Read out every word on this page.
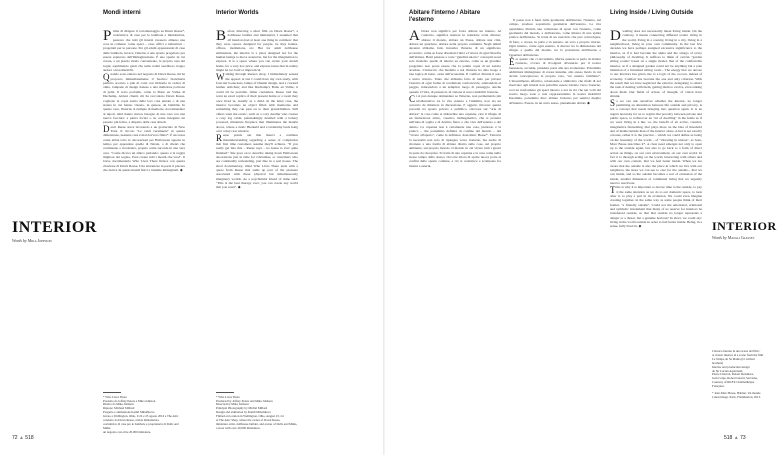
Mondi interni

Prima di dirigere il cortometraggio su Dawn Reese*, costruttrice di case per le bambole e miniaturista, pensavo che tutti gli interni avessero almeno una cosa in comune: come spazi – case, uffici o istituzioni – progettati per le persone. Per gli adulti appassionati di case delle bambole, invece, l'interno è uno spazio progettato per essere esplorato dall'immaginazione. È uno spazio in cui creare, a un prezzo molto conveniente, la propria casa dei sogni, esprimendo gusti che nella realtà sarebbero troppo audaci o irrealizzabili.

Quando sono entrato nel negozio di Dawn Reese, mi ha proposto immediatamente il fascino: biancheria perfetta accanto a pile di carte con libbrerie in radica di olmo, lampade di design danese e una maliziosa poltrona di pelle. Il retro portatile, come la Botte en Valise di Duchamp. Alcuni clienti, mi ha raccontato Dawn Reese, vogliono la copia esatta della loro casa attuale o di una stanza in cui hanno vissuto, in genere, da bambini. In questo caso, l'interno si riempie di memorie, da tramandare ai nipoti. Altri hanno invece bisogno di una casa con una nuova facciata: a pietra focaia o su come inseguire un passato più felice, a dispetto delle case attuali.

Dawn Reese stava lavorando a un grattacielo di New York. Il circolo "Le venti veramente" in questa dimensione, nessuna casa è mai davvero finita*. È successa come abbia tolto le decorazioni per Halloween appena in tempo per appendere quelle di Natale, o di clienti che continuano a ricostruire, proprio come succede in una vera casa. "Come diceva un amico parlando: questo è la reggia migliore dei sogni», Puoi creare tutti i mondi che vuoi". Il breve documentario Who Lives There finisce con questa citazione di Dawn Reese. Una sintonizza in parte il piacere che deriva da questi mondi fisici e insieme immaginati. ◆

* Who Lives There
Prodotto da Jeffrey Peters e Mika Johnson
Diretto da Mika Johnson
Riprese: Michael Millard
Progetto e animazione Kamil Minařikova
Girato a Wellington, Ohio, il 22 e 23 agosto 2016 a The Attic
condotto da Dawn Reese, artista miniaturista,
costruttrice di case per le bambole e proprietaria di Dolls and Minis,
un negozio con oltre 20.000 miniature.
Interior Worlds

Before directing a short film on Dawn Reese*, a dollhouse builder and miniaturist, I assumed that all interiors had at least one thing in common: that they were spaces designed for people, be they homes, offices, institutions, etc. But for adult dollhouse enthusiasts, the interior is a place designed not for the human beings to move around in, but for the imagination to explore. It is a space where you can create your dream home, for a very low price, and express tastes that in reality might be too bold or impractical.

Walking through Reese's shop, I immediately sensed the appeal: at last I could have my own study, with four-tier bookcases, lamps of Danish design, and a cracked leather armchair; and like Duchamp's Boîte en Valise, it could all be portable. Other customers, Reese told me, want an exact replica of their present home or a room they once lived in, usually as a child. In the latter case, the interior becomes an object filled with memories and something they can pass on to their grandchildren. Still others want the exotic, such as a cozy dweller who creates a cozy log cabin, painstakingly detailed with a battery powered, miniature fireplace that illuminates the mantle above, where a rustic Bierkeld and a taxidermy buck hang over a tiny rear window.

Reese points out that there's a common misunderstanding regarding a sense of completion that first time customers assume they'll achieve. "If you really get into this – Reese says – no house is ever quite finished". She goes on to describe taking down Halloween decorations just in time for Christmas, or customers who are continually remodeling, just like in a real house. The short documentary, titled Who Lives There ends with a quote from Reese that sums up part of the pleasure associated with these physical but simultaneously imaginary worlds. As a psychiatrist friend of mine said: "This is the best therapy ever; you can create any world that you want". ◆

* Who Lives There
Produced by Jeffrey Peters and Mika Johnson
Directed by Mika Johnson
Principal Photography by Michal Millard
Design and animation by Kamil Minařikova
Filmed on location in Wellington, Ohio, August 23, 24
at The Attic Shop, where the owner of Dawn Reese,
miniature artist, dollhouse builder, and owner of Dolls and Minis,
a store with over 20,000 miniatures.
INTERIOR
Words by Mika Johnson
72 ▲ 518
Abitare l'interno / Abitare l'esterno

Abitare non significa per forza abitare un interno. Al contrario, significa mettere in relazione scale diverse: abitare il mondo, abitare un Paese, abitare una città, abitare un quartiere, abitare nella propria comunità. Negli ultimi decenni abbiamo fatto investire l'interno di un significato eccessivo, come se fosse diventata l'altra e l'ottava di ogni filosofia dell'abitare. Basti pensare a corte "giardini salotto" concepiti su un solo modello, quello di interno su esterno, come se un giardino progettato non possa essere che la palida copia di un salotto arredato. L'intreccio che modella a noi l'interno ha dato luogo a una logica di lusso, ossia dell'economia. Il comfort diventa il solo e unico criterio. Tanto che abbiamo fatto di tutto per privare l'esterno di ogni forma di condizione confortevole, adattandola al peggio, riducendolo a un semplice luogo di passaggio. Anche quando è l'Ora, di pensatori, di visione si sono ristabiliti l'esterno.

Ci si può dunque domandare se l'interno, non permettendo più un'alternativa tra la vita esterna e l'intimità, non sia un concetto da rimettere in discussione. E oggetto ritrovare questa porosità tra spazio privato e pubblico, ritrovare sul "arte di abitare" la casa come si abiterebbe una capanna, cioè il rifugio di un fantasticare attivo, creativo, immaginativo, che si proietta nell'idea di soglia e di destino fisico e che vive dell'esterno e del dentro. La capanna non è certamente una casa, piuttosto è la pratica – che potremmo definire di confine del mondo – del "vivere all'aperto", come la definisce Jean-Marc Besse*. Tuttavia la necessità non solo di ripiegare verso l'esterno, ma anche di ritornare a una forma di abitare diretta sulle cose, sul proprio ambiente, sul proprio mondo. Il mondo in cui vivere tutti i giorni in parte da riscoprire. Si tratta di una capanna e la casa come nello stesso tempo dello stesso. Occorre allora di aprire nuove porte ai confini dello spazio comune, e ciò si costruisce e scompone fra interni e esterni.

Il paese non è fuori dalle geometrie dell'interno: l'interno, sul campo, produce soprattutto geometrie dell'esterno. La vita quotidiana diventa una collezione di spazi con l'esterno, come geometria del mondo, e dell'esterno, come misura di una spinta pratica dell'interno. Si tratta di un esercizio che può coinvolgere, di fatto, e creare, in parte e in passato, un vero e proprio ritorno. Ogni interno, come ogni esterno, si muove tra la dimensione del rifugio e quella del mondo, tra la protezione dell'interno e l'apertura dell'esterno.

Èer questo che ci dovremmo riferire quando si parla di abitare l'esterno, ovvero di rivolgersi all'esterno per il nostro benessere, accadde, prendere parte alla sua evoluzione. Potremmo addirittura immaginare di creare insieme, allo stesso modo in cui alcuni concepiscono la propria casa, "un esterno familiare". L'investimento affettivo, relazionale e simbolico che molti di noi riservano agli interni non potrebbe essere traslato verso l'esterno, così da trasformare gli spazi intorno a noi in ciò che nei volti del nostro luogo sono e non rappresentiamo la nostra mobilità? Insomma, potremmo dire: abitare l'esterno per sentirsi meglio all'interno. Essere, in un certo senso, pienamente abitati. ◆

Living Inside / Living Outside

Dwelling does not necessarily mean living inside. On the contrary, it means connecting different scales: living in the world, living in a country, living in a city, living in a neighborhood, living in your own community. In the last few decades we have perhaps assigned excessive significance to the interior, as if it had become the alpha and the omega of every philosophy of dwelling. It suffices to think of certain "garden sitting rooms" based on a single model, that of the comfortable interior, as if a designed garden could not be anything but a pale imitation of a furnished sitting room... The energy that we devote to our interiors has given rise to a logic of the cocoon, indeed of economy. Comfort has become the one and only criterion. With the result that we have neglected the exterior, delegating to others the task of dealing with them, getting them to evolve, even talking about them. Our fields of action, of thought, of vision have shrunk.

So we can ask ourselves whether the interior, no longer permitting an alternation between life outside and privacy, is not a concept that needs bringing into question again. It is an urgent necessity for us to regain that porosity between private and public space, to rediscover an "art of dwelling" in the home as if we were living in a hut, i.e. the benefit of an active, creative, imaginative fantasizing, that plays more on the idea of threshold and of inside/outside than of the interior alone. A hut is not exactly a house, rather it is the practice – which we could define as being on the boundary of the world – of "vibrating in unison", as Jean-Marc Besse describes it*. A clear need emerges not only to open up to the outside again, but also to go back to a form of direct action on things, on our own environment, on our own world. In fact it is through acting on the world, interacting with others and with our own context, that we feel better inside. When we are aware that the outside is also the place in which we live with our neighbors, the more we can see to care for the outside... that we can inside, and so the outside becomes a sort of extension of the inside, another dimension of communal living that we urgently need to reactivate.

This is why it is important to devote time to the outside, to pay it the same attention as we do to our domestic space, to look after it, to play a part in its evolution. We could even imagine creating together, in the same way as some people think of their homes, "a friendly outside". Could not the emotional, relational and symbolic investment that many of us reserve for interiors be transferred outside, so that that outside no longer represents a danger or a threat, but a genuine horizon? In short, we could say: living in the world outside in order to feel better inside. Being, in a sense, fully lived in. ◆	INTERIOR
Words by Matali Crasset
Classico interno in una scena del film /
A classic interior in a scene from the film
Le Tempe de Sa Mama (O. Gilbert brothers)
Interior and production design
de Sir Lucien Aguettand,
Pierre Charron, Robert Delamare,
Jean Colpe, Robert Girard, Serverne,
Courtesy of RKFX Cinémathèque Française.
* Jean-Marc Besse, Habiter. Un monde
à mon image. Paris, Flammarion, 2013.
518 ▲ 73
